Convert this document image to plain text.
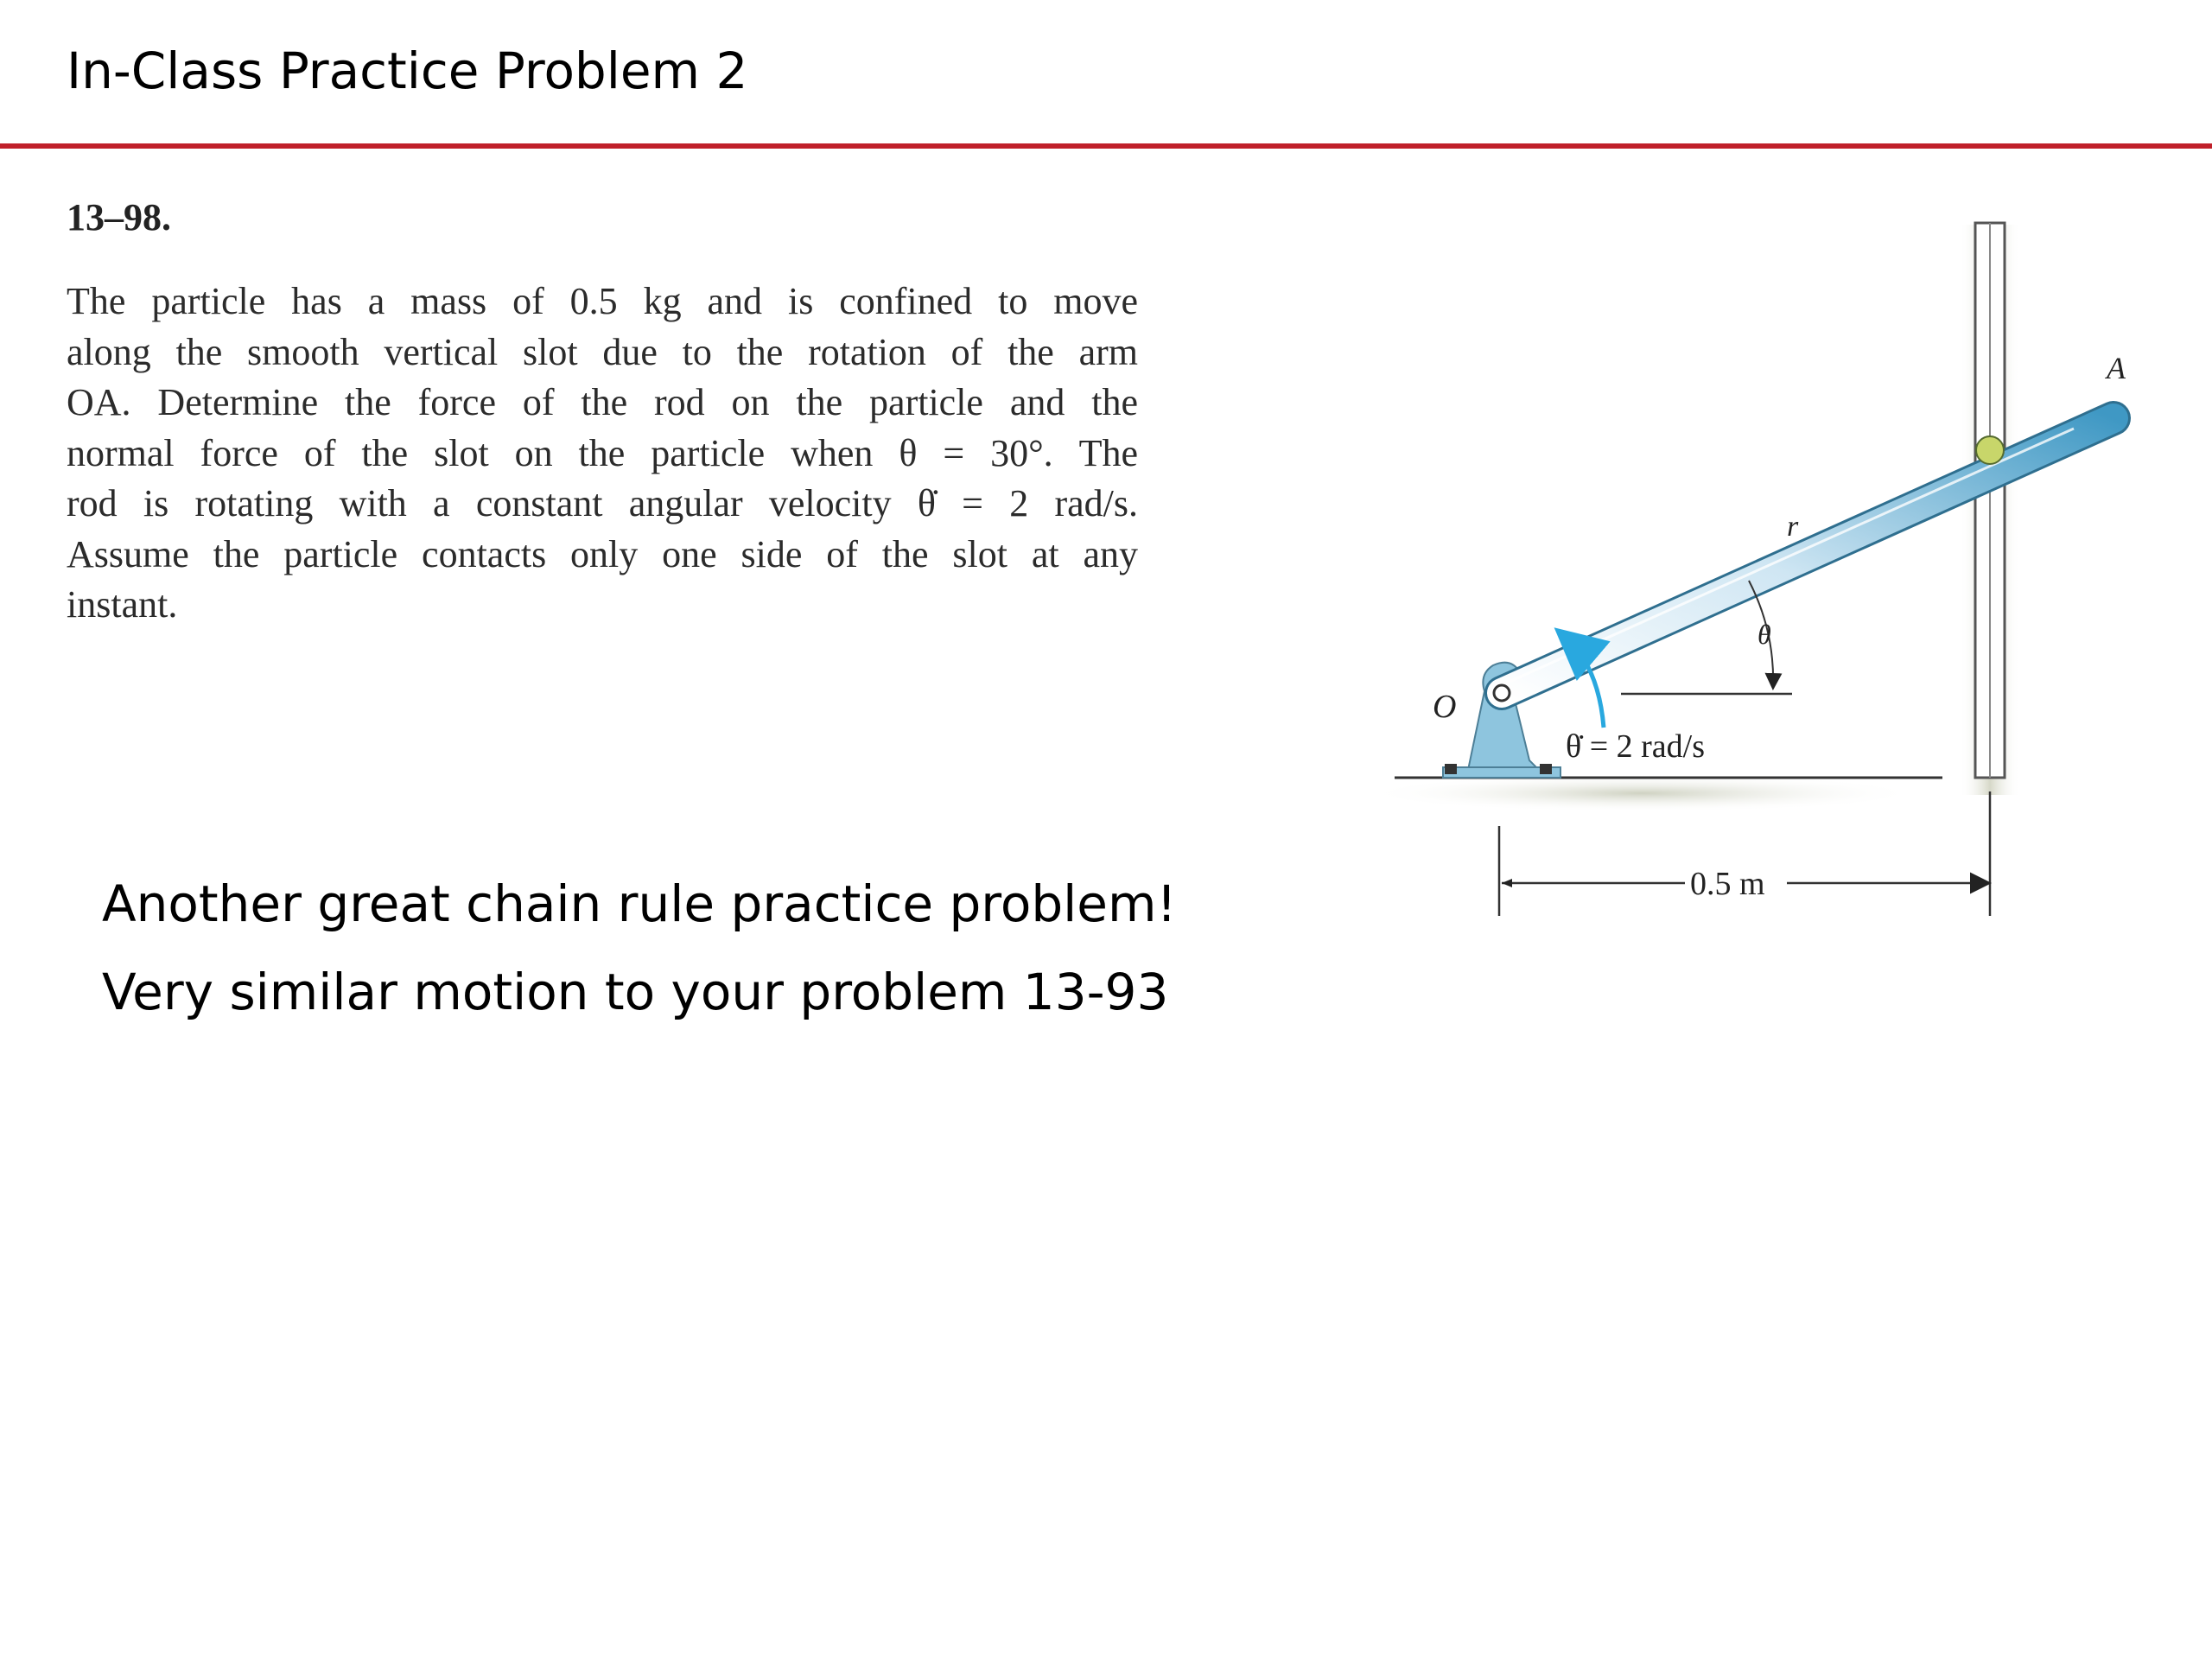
In-Class Practice Problem 2
13–98.
The particle has a mass of 0.5 kg and is confined to move
along the smooth vertical slot due to the rotation of the arm
OA. Determine the force of the rod on the particle and the
normal force of the slot on the particle when θ = 30°. The
rod is rotating with a constant angular velocity θ̇ = 2 rad/s.
Assume the particle contacts only one side of the slot at any
instant.
Another great chain rule practice problem!
Very similar motion to your problem 13-93
O
A
r
θ
θ̇ = 2 rad/s
0.5 m
